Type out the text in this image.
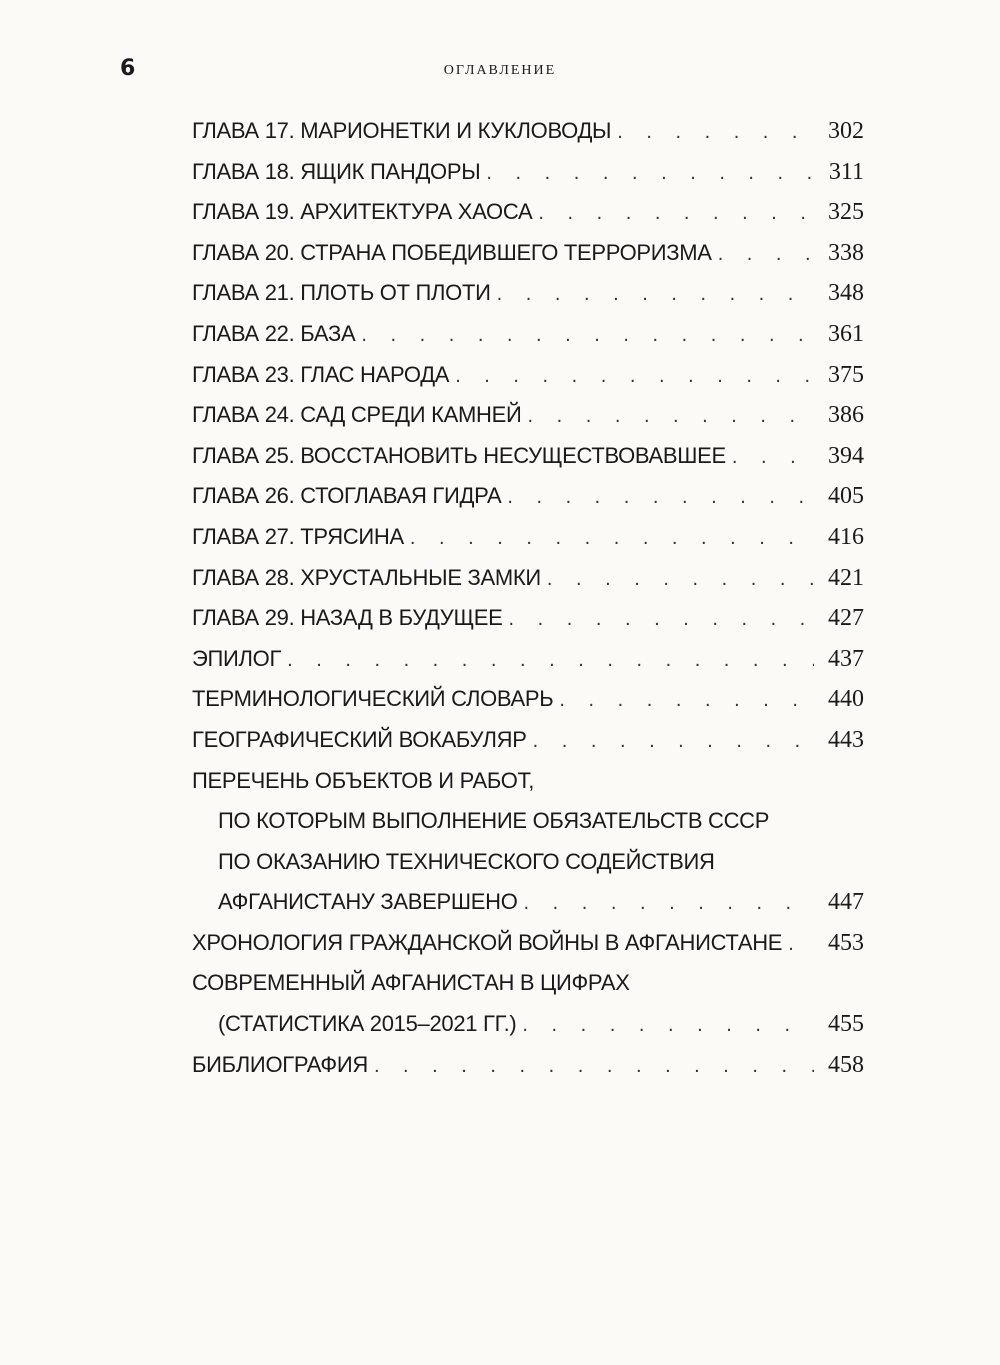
6	ОГЛАВЛЕНИЕ
ГЛАВА 17. МАРИОНЕТКИ И КУКЛОВОДЫ . . .	302
ГЛАВА 18. ЯЩИК ПАНДОРЫ . . .	311
ГЛАВА 19. АРХИТЕКТУРА ХАОСА . . .	325
ГЛАВА 20. СТРАНА ПОБЕДИВШЕГО ТЕРРОРИЗМА . . .	338
ГЛАВА 21. ПЛОТЬ ОТ ПЛОТИ . . .	348
ГЛАВА 22. БАЗА . . .	361
ГЛАВА 23. ГЛАС НАРОДА . . .	375
ГЛАВА 24. САД СРЕДИ КАМНЕЙ . . .	386
ГЛАВА 25. ВОССТАНОВИТЬ НЕСУЩЕСТВОВАВШЕЕ . . .	394
ГЛАВА 26. СТОГЛАВАЯ ГИДРА . . .	405
ГЛАВА 27. ТРЯСИНА . . .	416
ГЛАВА 28. ХРУСТАЛЬНЫЕ ЗАМКИ . . .	421
ГЛАВА 29. НАЗАД В БУДУЩЕЕ . . .	427
ЭПИЛОГ . . .	437
ТЕРМИНОЛОГИЧЕСКИЙ СЛОВАРЬ . . .	440
ГЕОГРАФИЧЕСКИЙ ВОКАБУЛЯР . . .	443
ПЕРЕЧЕНЬ ОБЪЕКТОВ И РАБОТ,
ПО КОТОРЫМ ВЫПОЛНЕНИЕ ОБЯЗАТЕЛЬСТВ СССР
ПО ОКАЗАНИЮ ТЕХНИЧЕСКОГО СОДЕЙСТВИЯ
АФГАНИСТАНУ ЗАВЕРШЕНО . . .	447
ХРОНОЛОГИЯ ГРАЖДАНСКОЙ ВОЙНЫ В АФГАНИСТАНЕ . . . 453
СОВРЕМЕННЫЙ АФГАНИСТАН В ЦИФРАХ
(СТАТИСТИКА 2015–2021 ГГ.) . . .	455
БИБЛИОГРАФИЯ . . .	458
